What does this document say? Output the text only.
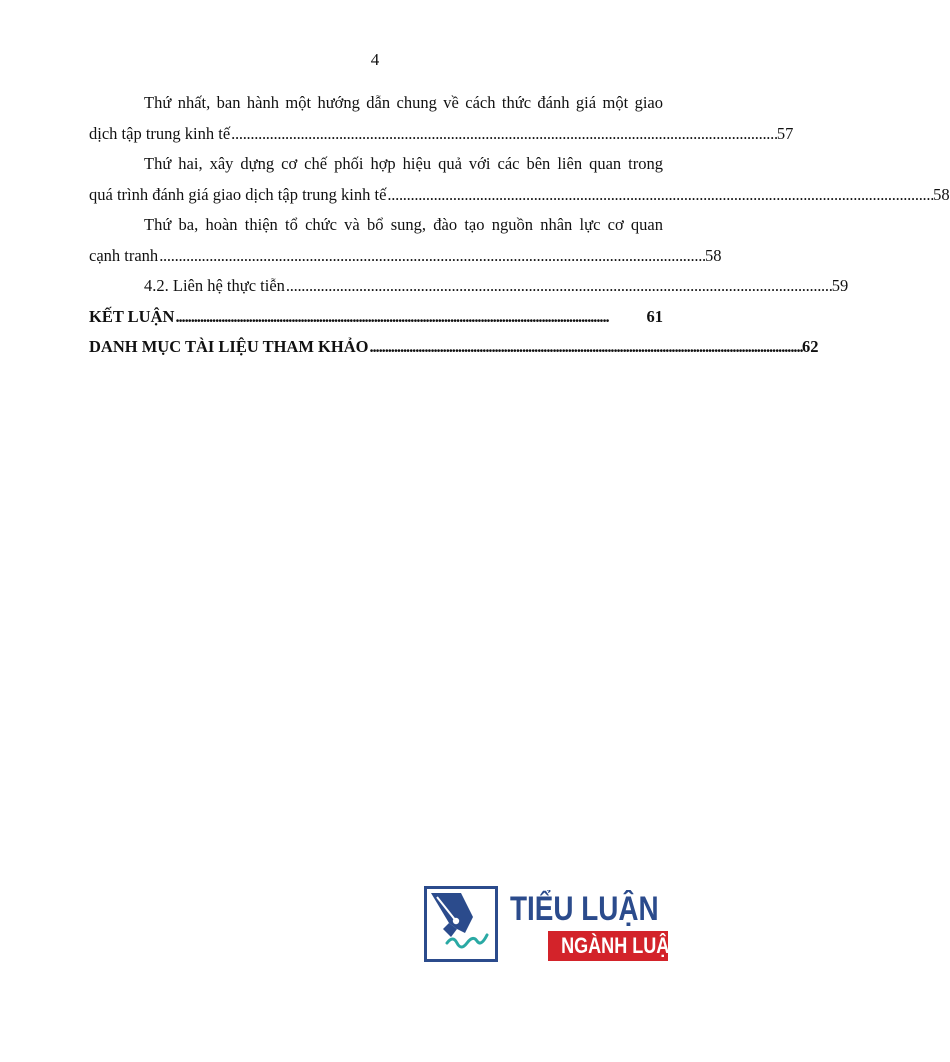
4
Thứ nhất, ban hành một hướng dẫn chung về cách thức đánh giá một giao
dịch tập trung kinh tế . . .	57
Thứ hai, xây dựng cơ chế phối hợp hiệu quả với các bên liên quan trong
quá trình đánh giá giao dịch tập trung kinh tế . . .	58
Thứ ba, hoàn thiện tổ chức và bổ sung, đào tạo nguồn nhân lực cơ quan
cạnh tranh . . .	58
4.2. Liên hệ thực tiễn . . .	59
KẾT LUẬN . . .	61
DANH MỤC TÀI LIỆU THAM KHẢO . . .	62
TIỂU LUẬN
NGÀNH LUẬT
